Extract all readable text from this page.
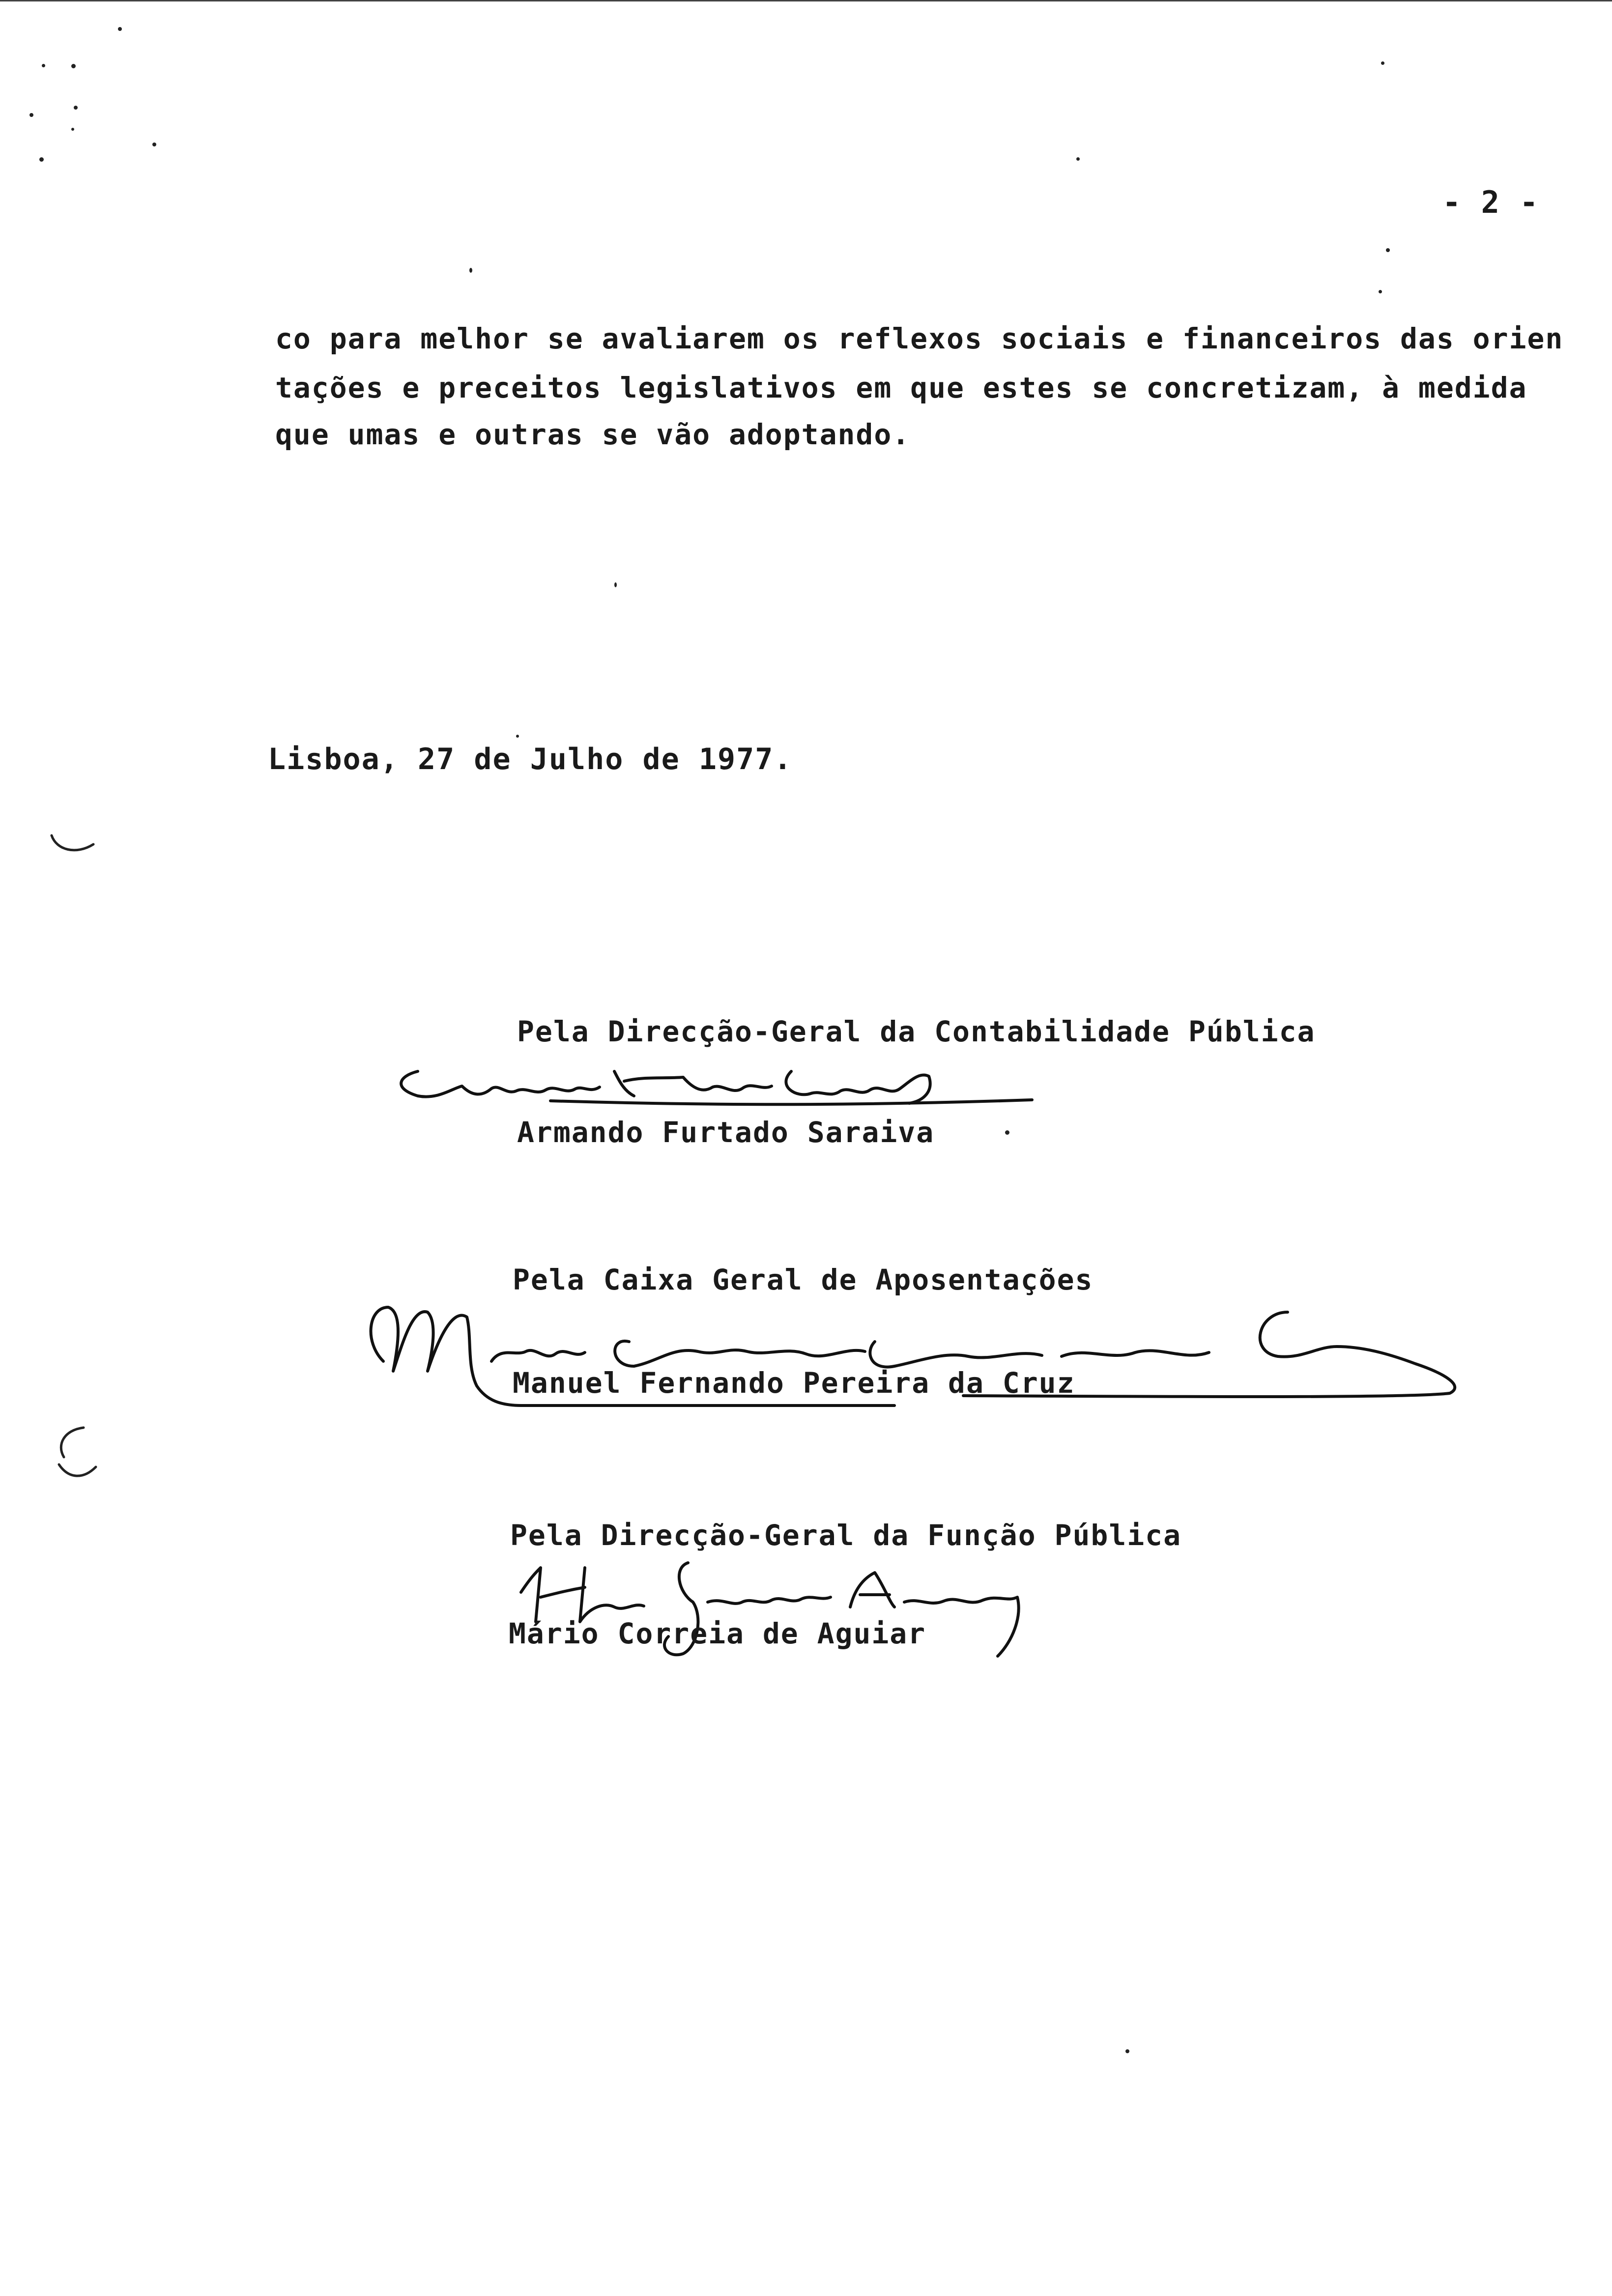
- 2 -
co para melhor se avaliarem os reflexos sociais e financeiros das orien
tações e preceitos legislativos em que estes se concretizam, à medida
que umas e outras se vão adoptando.
Lisboa, 27 de Julho de 1977.
Pela Direcção-Geral da Contabilidade Pública
Armando Furtado Saraiva
Pela Caixa Geral de Aposentações
Manuel Fernando Pereira da Cruz
Pela Direcção-Geral da Função Pública
Mário Correia de Aguiar
